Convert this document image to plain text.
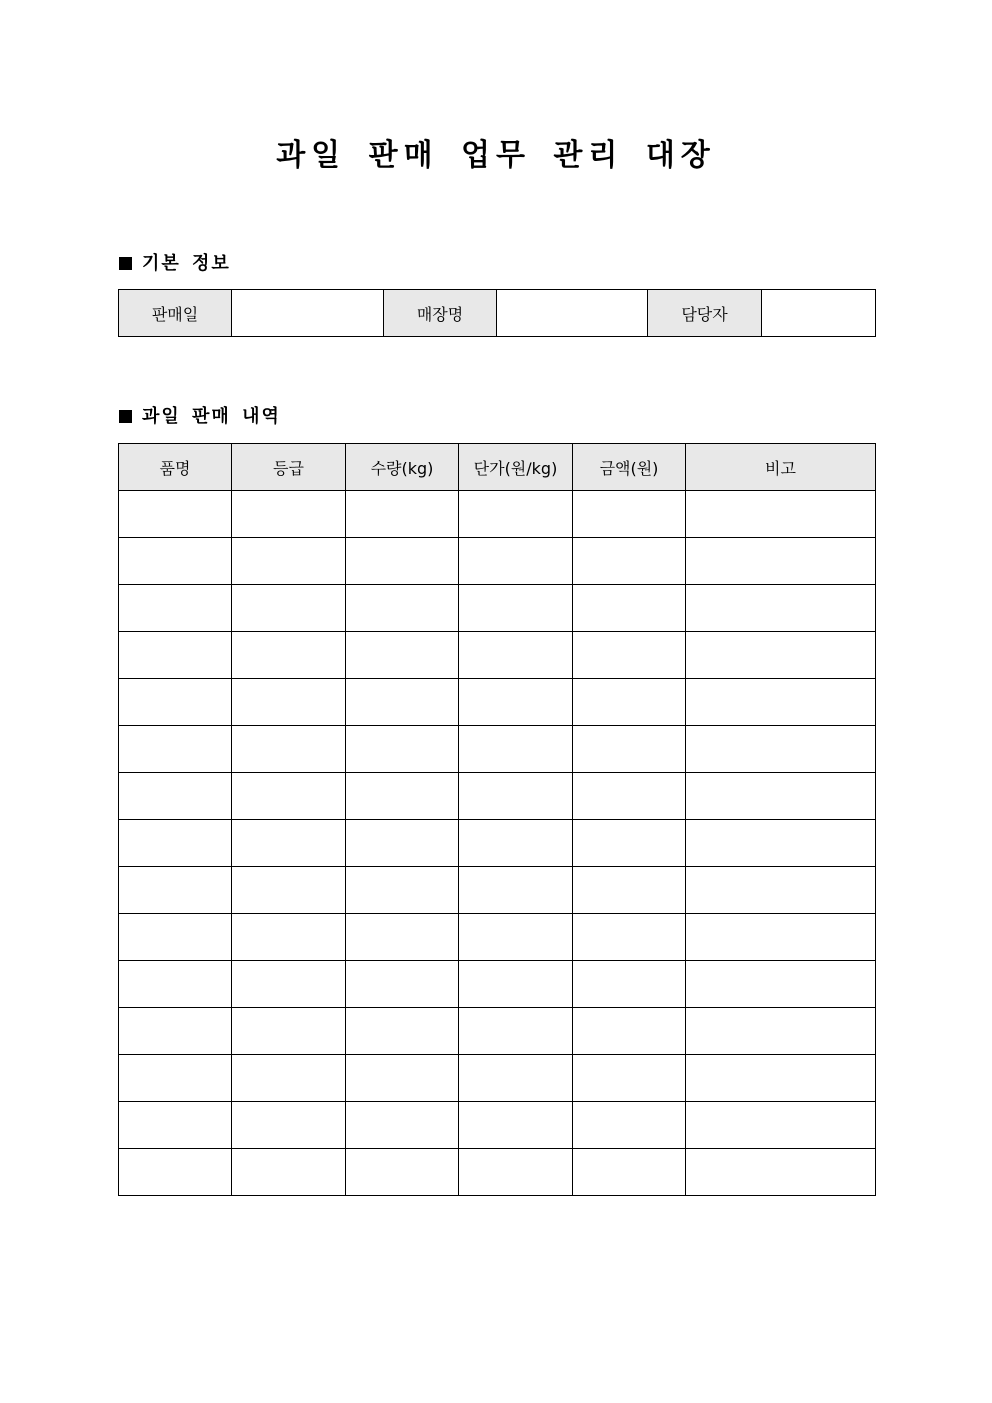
과일 판매 업무 관리 대장
기본 정보
판매일		매장명		담당자	
과일 판매 내역
품명	등급	수량(kg)	단가(원/kg)	금액(원)	비고
